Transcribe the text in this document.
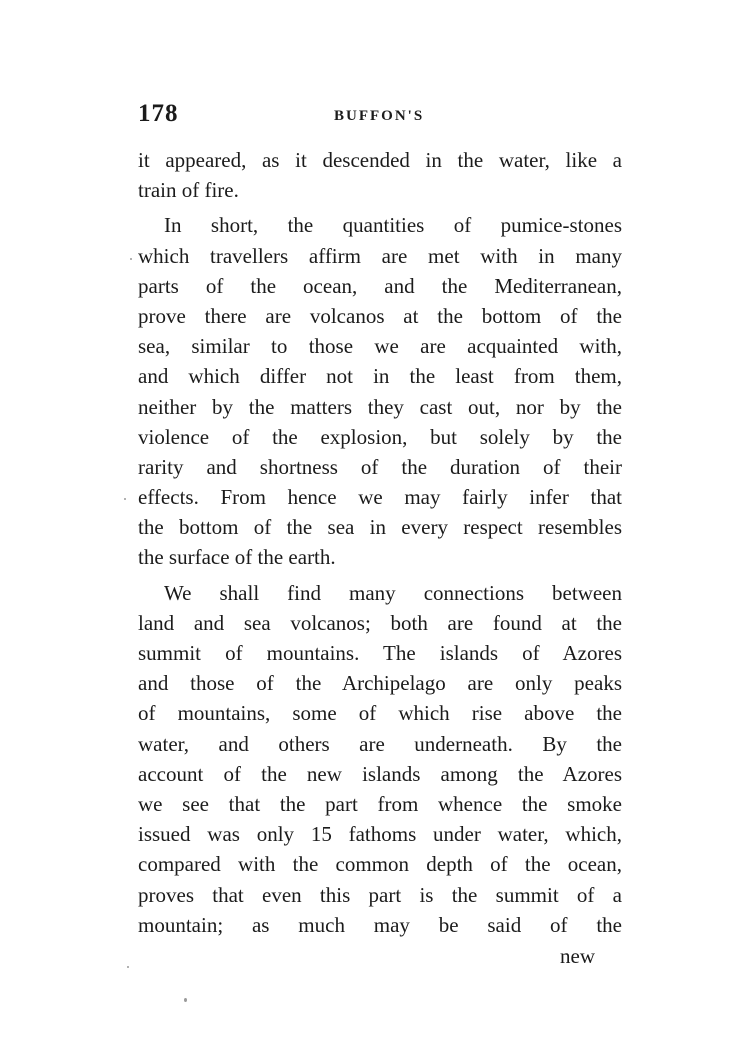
178	BUFFON'S
it appeared, as it descended in the water, like a
train of fire.
In short, the quantities of pumice-stones
which travellers affirm are met with in many
parts of the ocean, and the Mediterranean,
prove there are volcanos at the bottom of the
sea, similar to those we are acquainted with,
and which differ not in the least from them,
neither by the matters they cast out, nor by the
violence of the explosion, but solely by the
rarity and shortness of the duration of their
effects. From hence we may fairly infer that
the bottom of the sea in every respect resembles
the surface of the earth.
We shall find many connections between
land and sea volcanos; both are found at the
summit of mountains. The islands of Azores
and those of the Archipelago are only peaks
of mountains, some of which rise above the
water, and others are underneath. By the
account of the new islands among the Azores
we see that the part from whence the smoke
issued was only 15 fathoms under water, which,
compared with the common depth of the ocean,
proves that even this part is the summit of a
mountain; as much may be said of the
new
